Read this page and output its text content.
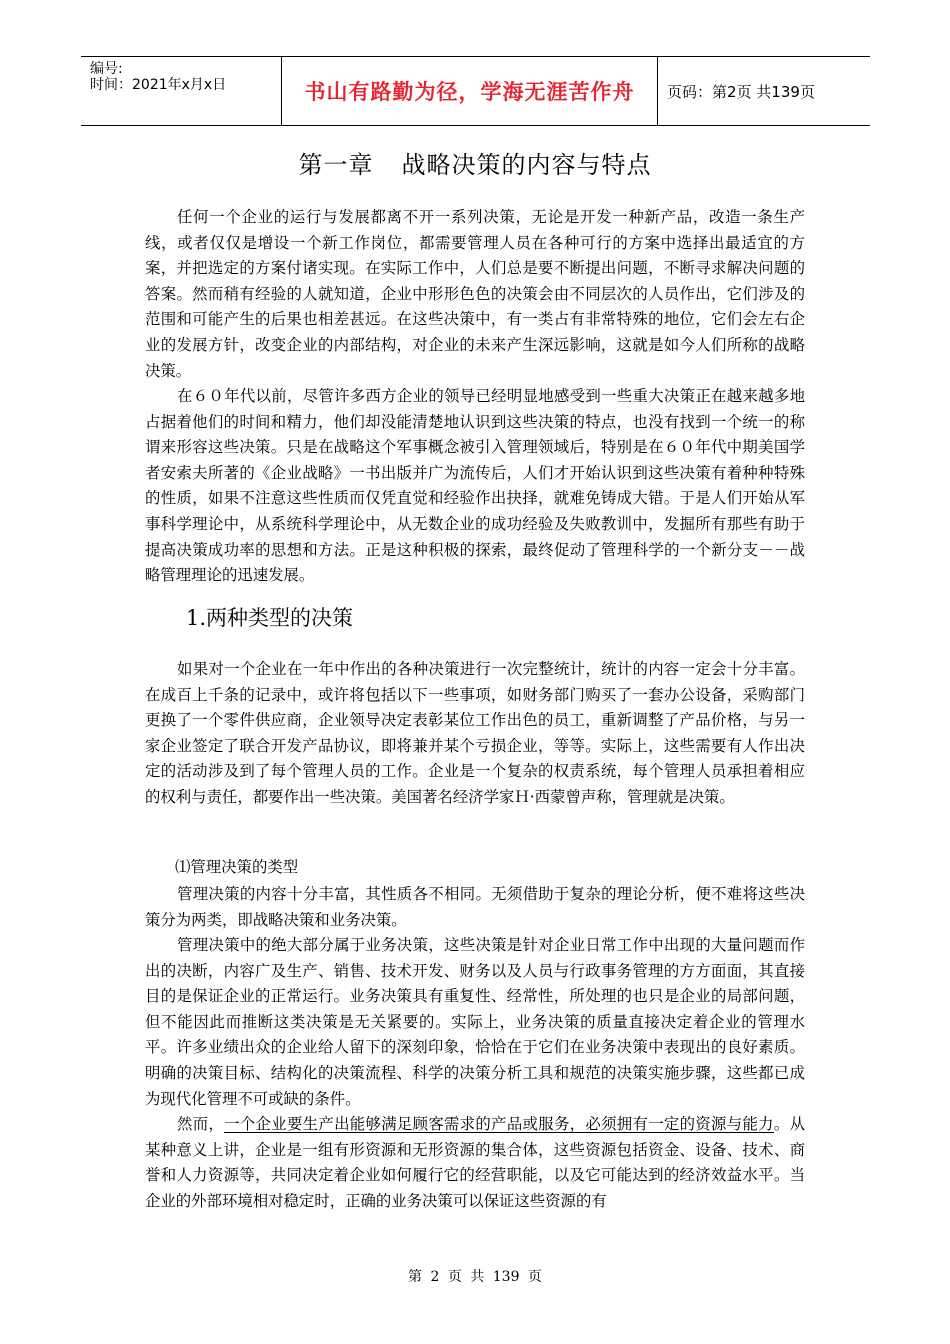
编号:
时间：2021年x月x日	书山有路勤为径，学海无涯苦作舟 页码：第2页 共139页
第一章 战略决策的内容与特点

任何一个企业的运行与发展都离不开一系列决策，无论是开发一种新产品，改造一条生产线，或者仅仅是增设一个新工作岗位，都需要管理人员在各种可行的方案中选择出最适宜的方案，并把选定的方案付诸实现。在实际工作中，人们总是要不断提出问题，不断寻求解决问题的答案。然而稍有经验的人就知道，企业中形形色色的决策会由不同层次的人员作出，它们涉及的范围和可能产生的后果也相差甚远。在这些决策中，有一类占有非常特殊的地位，它们会左右企业的发展方针，改变企业的内部结构，对企业的未来产生深远影响，这就是如今人们所称的战略决策。

在６０年代以前，尽管许多西方企业的领导已经明显地感受到一些重大决策正在越来越多地占据着他们的时间和精力，他们却没能清楚地认识到这些决策的特点，也没有找到一个统一的称谓来形容这些决策。只是在战略这个军事概念被引入管理领域后，特别是在６０年代中期美国学者安索夫所著的《企业战略》一书出版并广为流传后，人们才开始认识到这些决策有着种种特殊的性质，如果不注意这些性质而仅凭直觉和经验作出抉择，就难免铸成大错。于是人们开始从军事科学理论中，从系统科学理论中，从无数企业的成功经验及失败教训中，发掘所有那些有助于提高决策成功率的思想和方法。正是这种积极的探索，最终促动了管理科学的一个新分支－－战略管理理论的迅速发展。

1.两种类型的决策

如果对一个企业在一年中作出的各种决策进行一次完整统计，统计的内容一定会十分丰富。在成百上千条的记录中，或许将包括以下一些事项，如财务部门购买了一套办公设备，采购部门更换了一个零件供应商，企业领导决定表彰某位工作出色的员工，重新调整了产品价格，与另一家企业签定了联合开发产品协议，即将兼并某个亏损企业，等等。实际上，这些需要有人作出决定的活动涉及到了每个管理人员的工作。企业是一个复杂的权责系统，每个管理人员承担着相应的权利与责任，都要作出一些决策。美国著名经济学家Ｈ·西蒙曾声称，管理就是决策。

⑴管理决策的类型

管理决策的内容十分丰富，其性质各不相同。无须借助于复杂的理论分析，便不难将这些决策分为两类，即战略决策和业务决策。

管理决策中的绝大部分属于业务决策，这些决策是针对企业日常工作中出现的大量问题而作出的决断，内容广及生产、销售、技术开发、财务以及人员与行政事务管理的方方面面，其直接目的是保证企业的正常运行。业务决策具有重复性、经常性，所处理的也只是企业的局部问题，但不能因此而推断这类决策是无关紧要的。实际上，业务决策的质量直接决定着企业的管理水平。许多业绩出众的企业给人留下的深刻印象，恰恰在于它们在业务决策中表现出的良好素质。明确的决策目标、结构化的决策流程、科学的决策分析工具和规范的决策实施步骤，这些都已成为现代化管理不可或缺的条件。

然而，一个企业要生产出能够满足顾客需求的产品或服务，必须拥有一定的资源与能力。从某种意义上讲，企业是一组有形资源和无形资源的集合体，这些资源包括资金、设备、技术、商誉和人力资源等，共同决定着企业如何履行它的经营职能，以及它可能达到的经济效益水平。当企业的外部环境相对稳定时，正确的业务决策可以保证这些资源的有

第 2 页 共 139 页
